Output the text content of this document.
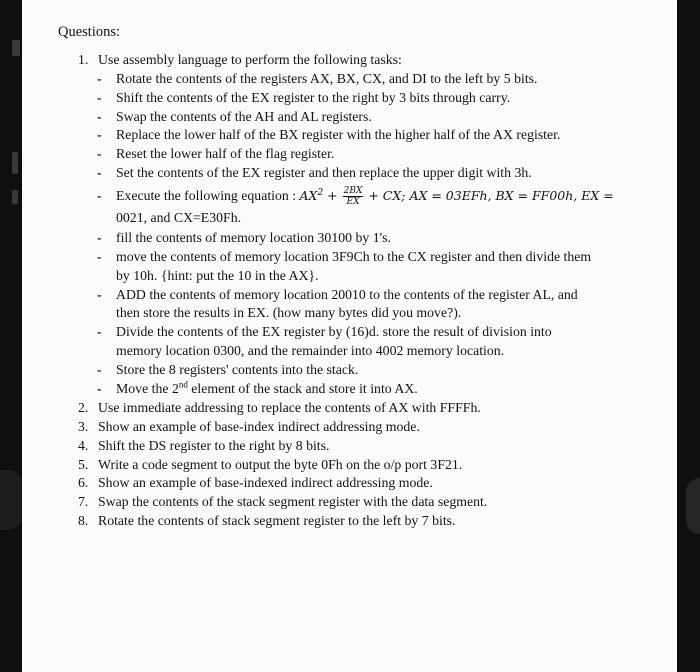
Questions:
1. Use assembly language to perform the following tasks:
- Rotate the contents of the registers AX, BX, CX, and DI to the left by 5 bits.
- Shift the contents of the EX register to the right by 3 bits through carry.
- Swap the contents of the AH and AL registers.
- Replace the lower half of the BX register with the higher half of the AX register.
- Reset the lower half of the flag register.
- Set the contents of the EX register and then replace the upper digit with 3h.
- Execute the following equation : $AX^2 + \frac{2BX}{EX}$ + CX; AX = 03EFh, BX = FF00h, EX =
0021, and CX=E30Fh.
- fill the contents of memory location 30100 by 1's.
- move the contents of memory location 3F9Ch to the CX register and then divide them
by 10h. {hint: put the 10 in the AX}.
- ADD the contents of memory location 20010 to the contents of the register AL, and
then store the results in EX. (how many bytes did you move?).
- Divide the contents of the EX register by (16)d. store the result of division into
memory location 0300, and the remainder into 4002 memory location.
- Store the 8 registers' contents into the stack.
- Move the 2nd element of the stack and store it into AX.
2. Use immediate addressing to replace the contents of AX with FFFFh.
3. Show an example of base-index indirect addressing mode.
4. Shift the DS register to the right by 8 bits.
5. Write a code segment to output the byte 0Fh on the o/p port 3F21.
6. Show an example of base-indexed indirect addressing mode.
7. Swap the contents of the stack segment register with the data segment.
8. Rotate the contents of stack segment register to the left by 7 bits.
